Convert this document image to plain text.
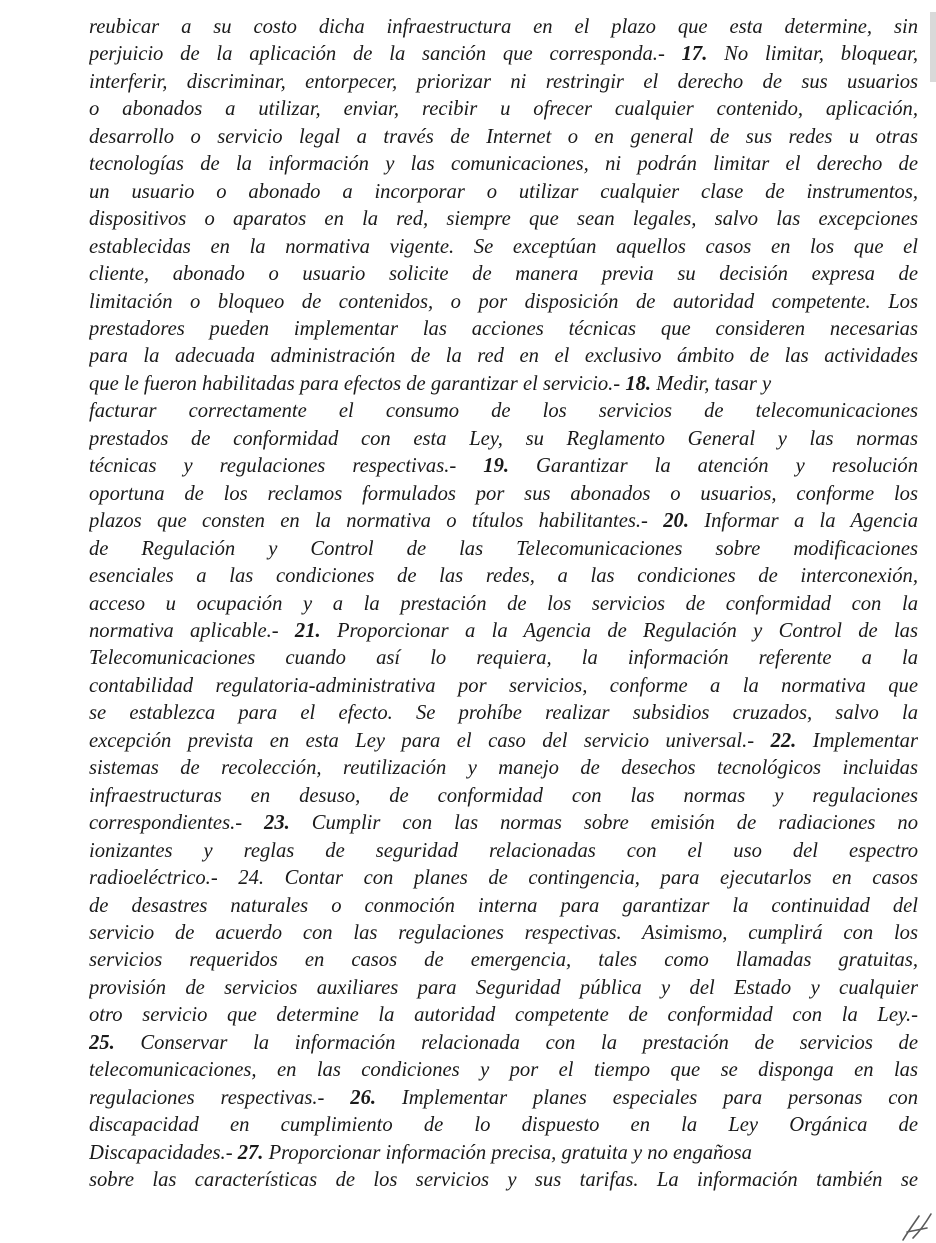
reubicar a su costo dicha infraestructura en el plazo que esta determine, sin
perjuicio de la aplicación de la sanción que corresponda.- 17. No limitar, bloquear,
interferir, discriminar, entorpecer, priorizar ni restringir el derecho de sus usuarios
o abonados a utilizar, enviar, recibir u ofrecer cualquier contenido, aplicación,
desarrollo o servicio legal a través de Internet o en general de sus redes u otras
tecnologías de la información y las comunicaciones, ni podrán limitar el derecho de
un usuario o abonado a incorporar o utilizar cualquier clase de instrumentos,
dispositivos o aparatos en la red, siempre que sean legales, salvo las excepciones
establecidas en la normativa vigente. Se exceptúan aquellos casos en los que el
cliente, abonado o usuario solicite de manera previa su decisión expresa de
limitación o bloqueo de contenidos, o por disposición de autoridad competente. Los
prestadores pueden implementar las acciones técnicas que consideren necesarias
para la adecuada administración de la red en el exclusivo ámbito de las actividades
que le fueron habilitadas para efectos de garantizar el servicio.- 18. Medir, tasar y
facturar correctamente el consumo de los servicios de telecomunicaciones
prestados de conformidad con esta Ley, su Reglamento General y las normas
técnicas y regulaciones respectivas.- 19. Garantizar la atención y resolución
oportuna de los reclamos formulados por sus abonados o usuarios, conforme los
plazos que consten en la normativa o títulos habilitantes.- 20. Informar a la Agencia
de Regulación y Control de las Telecomunicaciones sobre modificaciones
esenciales a las condiciones de las redes, a las condiciones de interconexión,
acceso u ocupación y a la prestación de los servicios de conformidad con la
normativa aplicable.- 21. Proporcionar a la Agencia de Regulación y Control de las
Telecomunicaciones cuando así lo requiera, la información referente a la
contabilidad regulatoria-administrativa por servicios, conforme a la normativa que
se establezca para el efecto. Se prohíbe realizar subsidios cruzados, salvo la
excepción prevista en esta Ley para el caso del servicio universal.- 22. Implementar
sistemas de recolección, reutilización y manejo de desechos tecnológicos incluidas
infraestructuras en desuso, de conformidad con las normas y regulaciones
correspondientes.- 23. Cumplir con las normas sobre emisión de radiaciones no
ionizantes y reglas de seguridad relacionadas con el uso del espectro
radioeléctrico.- 24. Contar con planes de contingencia, para ejecutarlos en casos
de desastres naturales o conmoción interna para garantizar la continuidad del
servicio de acuerdo con las regulaciones respectivas. Asimismo, cumplirá con los
servicios requeridos en casos de emergencia, tales como llamadas gratuitas,
provisión de servicios auxiliares para Seguridad pública y del Estado y cualquier
otro servicio que determine la autoridad competente de conformidad con la Ley.-
25. Conservar la información relacionada con la prestación de servicios de
telecomunicaciones, en las condiciones y por el tiempo que se disponga en las
regulaciones respectivas.- 26. Implementar planes especiales para personas con
discapacidad en cumplimiento de lo dispuesto en la Ley Orgánica de
Discapacidades.- 27. Proporcionar información precisa, gratuita y no engañosa
sobre las características de los servicios y sus tarifas. La información también se
